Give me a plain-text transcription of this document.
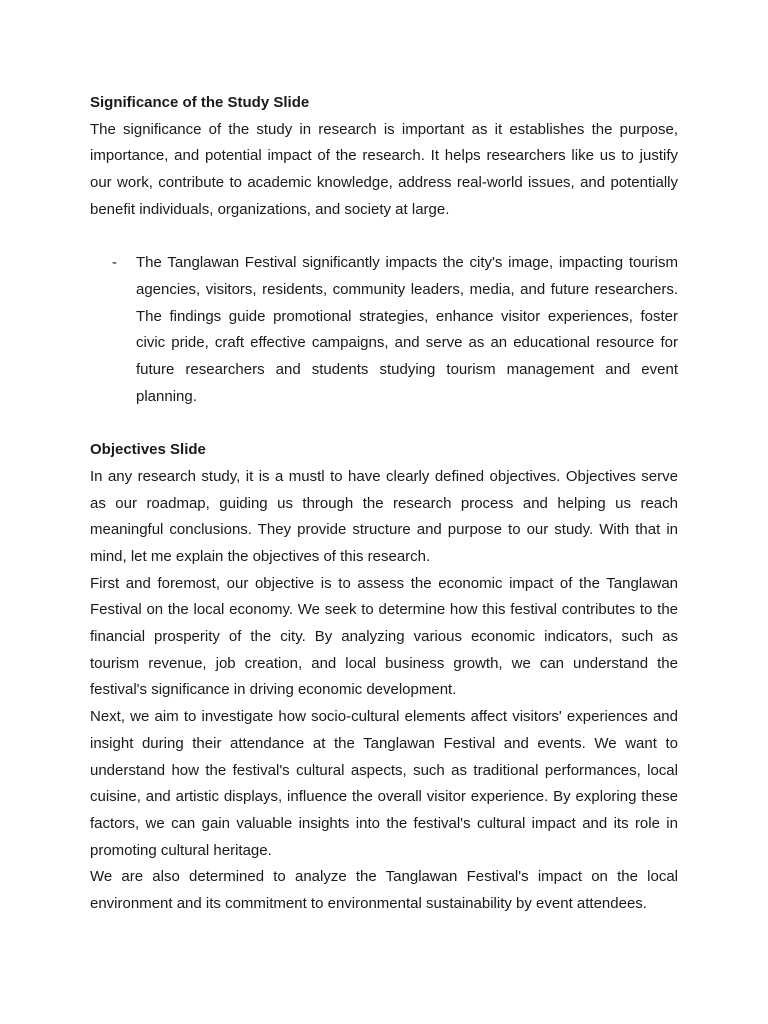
Significance of the Study Slide

The significance of the study in research is important as it establishes the purpose, importance, and potential impact of the research. It helps researchers like us to justify our work, contribute to academic knowledge, address real-world issues, and potentially benefit individuals, organizations, and society at large.

- The Tanglawan Festival significantly impacts the city's image, impacting tourism agencies, visitors, residents, community leaders, media, and future researchers. The findings guide promotional strategies, enhance visitor experiences, foster civic pride, craft effective campaigns, and serve as an educational resource for future researchers and students studying tourism management and event planning.

Objectives Slide

In any research study, it is a mustl to have clearly defined objectives. Objectives serve as our roadmap, guiding us through the research process and helping us reach meaningful conclusions. They provide structure and purpose to our study. With that in mind, let me explain the objectives of this research.

First and foremost, our objective is to assess the economic impact of the Tanglawan Festival on the local economy. We seek to determine how this festival contributes to the financial prosperity of the city. By analyzing various economic indicators, such as tourism revenue, job creation, and local business growth, we can understand the festival's significance in driving economic development.

Next, we aim to investigate how socio-cultural elements affect visitors' experiences and insight during their attendance at the Tanglawan Festival and events. We want to understand how the festival's cultural aspects, such as traditional performances, local cuisine, and artistic displays, influence the overall visitor experience. By exploring these factors, we can gain valuable insights into the festival's cultural impact and its role in promoting cultural heritage.

We are also determined to analyze the Tanglawan Festival's impact on the local environment and its commitment to environmental sustainability by event attendees.
